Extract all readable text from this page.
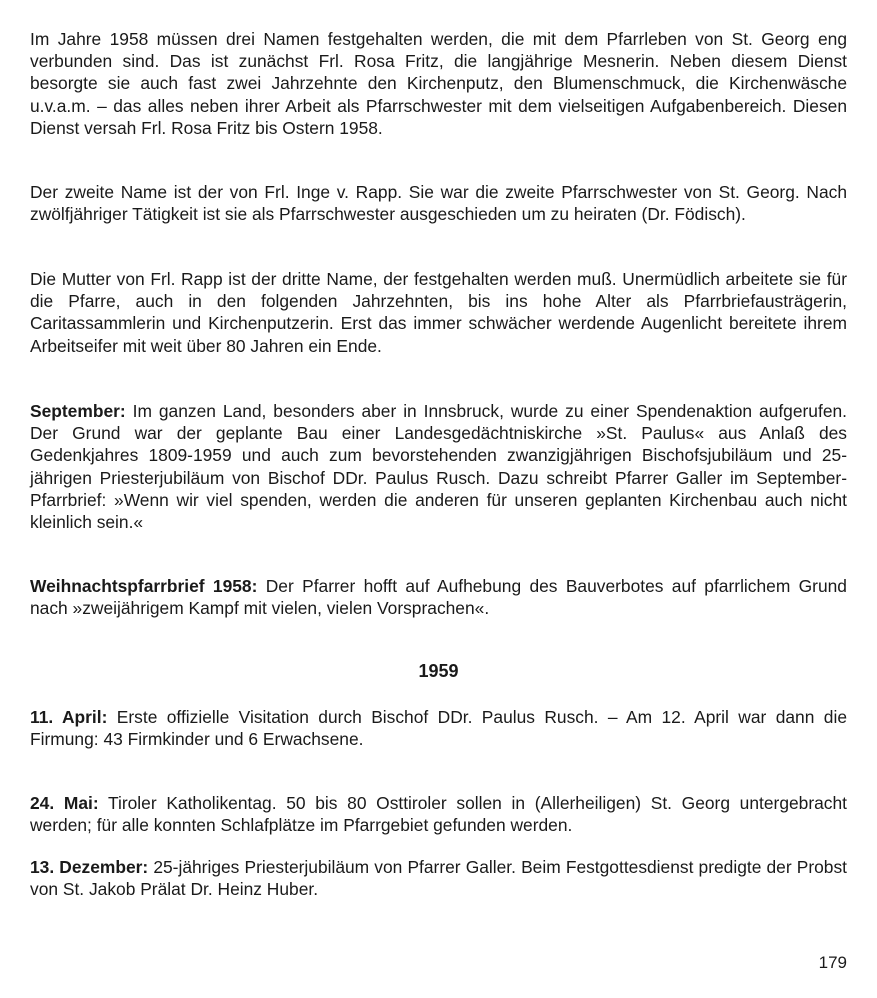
Im Jahre 1958 müssen drei Namen festgehalten werden, die mit dem Pfarrleben von St. Georg eng verbunden sind. Das ist zunächst Frl. Rosa Fritz, die langjährige Mesnerin. Neben diesem Dienst besorgte sie auch fast zwei Jahrzehnte den Kirchenputz, den Blumenschmuck, die Kirchenwäsche u.v.a.m. – das alles neben ihrer Arbeit als Pfarrschwester mit dem vielseitigen Aufgabenbereich. Diesen Dienst versah Frl. Rosa Fritz bis Ostern 1958.

Der zweite Name ist der von Frl. Inge v. Rapp. Sie war die zweite Pfarrschwester von St. Georg. Nach zwölfjähriger Tätigkeit ist sie als Pfarrschwester ausgeschieden um zu heiraten (Dr. Födisch).

Die Mutter von Frl. Rapp ist der dritte Name, der festgehalten werden muß. Unermüdlich arbeitete sie für die Pfarre, auch in den folgenden Jahrzehnten, bis ins hohe Alter als Pfarrbriefausträgerin, Caritassammlerin und Kirchenputzerin. Erst das immer schwächer werdende Augenlicht bereitete ihrem Arbeitseifer mit weit über 80 Jahren ein Ende.

September: Im ganzen Land, besonders aber in Innsbruck, wurde zu einer Spendenaktion aufgerufen. Der Grund war der geplante Bau einer Landesgedächtniskirche »St. Paulus« aus Anlaß des Gedenkjahres 1809-1959 und auch zum bevorstehenden zwanzigjährigen Bischofsjubiläum und 25-jährigen Priesterjubiläum von Bischof DDr. Paulus Rusch. Dazu schreibt Pfarrer Galler im September-Pfarrbrief: »Wenn wir viel spenden, werden die anderen für unseren geplanten Kirchenbau auch nicht kleinlich sein.«

Weihnachtspfarrbrief 1958: Der Pfarrer hofft auf Aufhebung des Bauverbotes auf pfarrlichem Grund nach »zweijährigem Kampf mit vielen, vielen Vorsprachen«.

1959

11. April: Erste offizielle Visitation durch Bischof DDr. Paulus Rusch. – Am 12. April war dann die Firmung: 43 Firmkinder und 6 Erwachsene.

24. Mai: Tiroler Katholikentag. 50 bis 80 Osttiroler sollen in (Allerheiligen) St. Georg untergebracht werden; für alle konnten Schlafplätze im Pfarrgebiet gefunden werden.

13. Dezember: 25-jähriges Priesterjubiläum von Pfarrer Galler. Beim Festgottesdienst predigte der Probst von St. Jakob Prälat Dr. Heinz Huber.

179
